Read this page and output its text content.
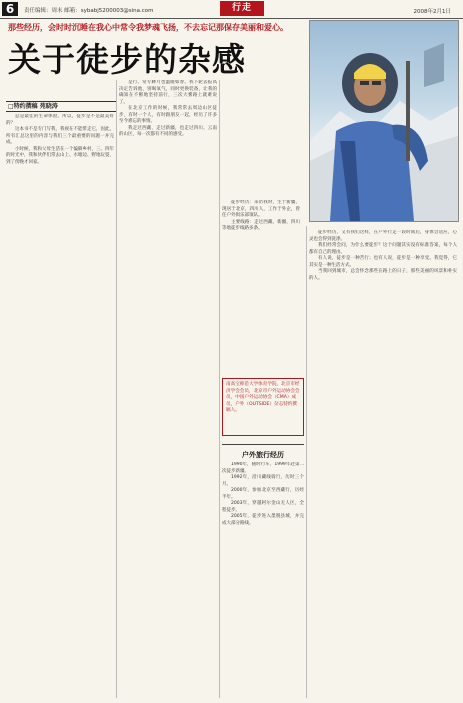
6	责任编辑：周末 邮箱：sybabj5200003@sina.com	行走	2008年2月1日
那些经历，会时时沉睡在我心中常令我梦魂飞扬，不去忘记那保存美丽和爱心。
关于徒步的杂感
□特约撰稿 苑晓涛

总是最佳的生命体验。所以，徒步是不是最美好的？

这本书不是专门写我，我视在不能带走它，因此，所有汇总这里的内容与我们三个最重要的问题一并完成。

小时候，我和父母生活在一个偏僻乡村，三、四年的时光中，我和伙伴们常去山上、水塘边、野地玩耍，到了傍晚才回家。

是行、常专聊月也温暖如春。我下轮去报高决定告诉他，别喝氧气，同时更换装备，让我的确知在不断地坚持前行，三次大雾路上就难说了。

在北京工作的时候，我常常去周边山区徒步，有时一个人，有时跟朋友一起，经历了许多至今难忘的事情。

我走过西藏，走过新疆，也走过四川、云南的山区，每一次都有不同的感受。

徒步经历：采访我时，生于新疆，现居于北京，四川人，工作于外企，曾任户外俱乐部领队。

主要线路：走过西藏、新疆、四川等地徒步线路多条。

南高宝师范大学体育学院，北京市经济学会会员，北京市户外运动协会会员，中国户外运动协会（CMA）成员，户外（OUTSIDE）杂志特约撰稿人。
户外旅行经历

1990年，随时行车，1999年赴第二次徒步新疆。

1992年，沿川藏线骑行，历时三个月。

2000年，参加北京至西藏行，历经半年。

2003年，穿越阿尔金山无人区，全程徒步。

2005年，徒步进入墨脱县城，并完成大部分路线。

徒步经历，又有我们这样，在户外行走一段时间后，身体会适应，心灵也会得到洗涤。

我们经常会问，为什么要徒步？这个问题其实没有标准答案，每个人都有自己的理由。

有人说，徒步是一种苦行；也有人说，徒步是一种享受。我觉得，它其实是一种生活方式。

当我回到城市，总会怀念那些在路上的日子，那些美丽的风景和朴实的人。
